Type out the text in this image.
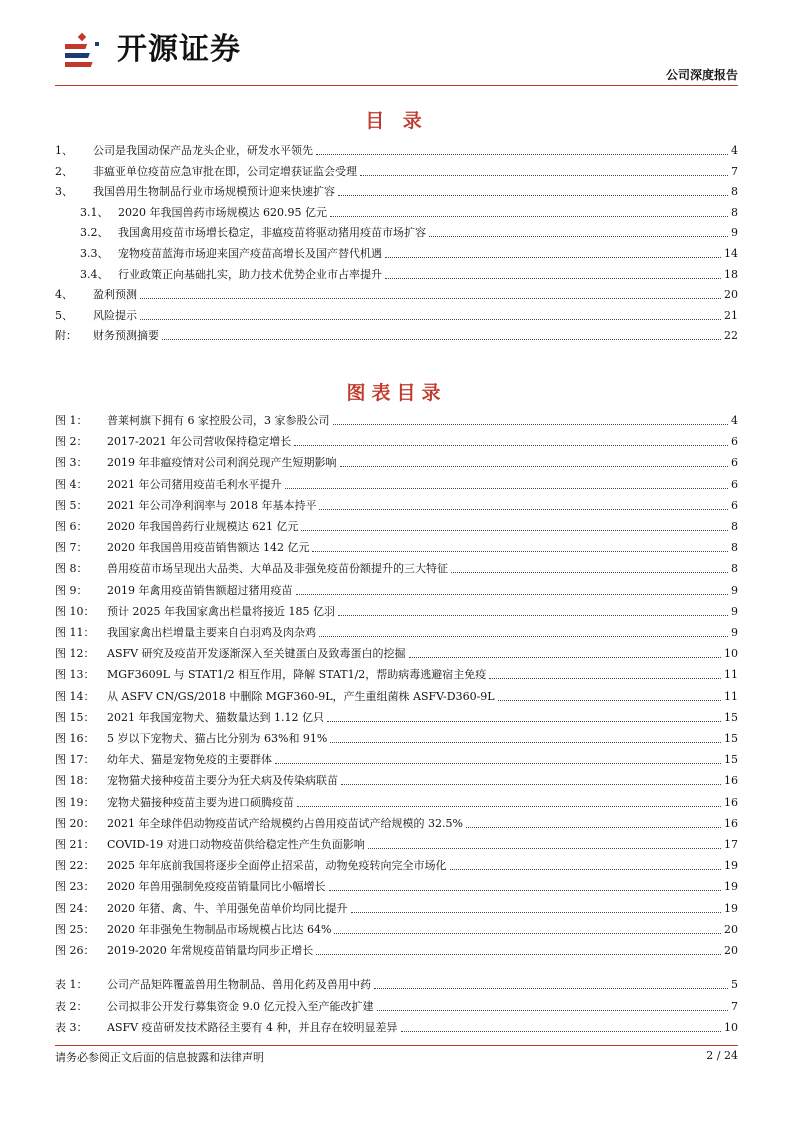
开源证券
公司深度报告
目 录
1、	公司是我国动保产品龙头企业，研发水平领先	4
2、	非瘟亚单位疫苗应急审批在即，公司定增获证监会受理	7
3、	我国兽用生物制品行业市场规模预计迎来快速扩容	8
3.1、 2020 年我国兽药市场规模达 620.95 亿元	8
3.2、 我国禽用疫苗市场增长稳定，非瘟疫苗将驱动猪用疫苗市场扩容	9
3.3、 宠物疫苗蓝海市场迎来国产疫苗高增长及国产替代机遇	14
3.4、 行业政策正向基础扎实，助力技术优势企业市占率提升	18
4、	盈利预测	20
5、	风险提示	21
附：	财务预测摘要	22
图表目录
图 1：	普莱柯旗下拥有 6 家控股公司，3 家参股公司	4
图 2：	2017-2021 年公司营收保持稳定增长	6
图 3：	2019 年非瘟疫情对公司利润兑现产生短期影响	6
图 4：	2021 年公司猪用疫苗毛利水平提升	6
图 5：	2021 年公司净利润率与 2018 年基本持平	6
图 6：	2020 年我国兽药行业规模达 621 亿元	8
图 7：	2020 年我国兽用疫苗销售额达 142 亿元	8
图 8：	兽用疫苗市场呈现出大品类、大单品及非强免疫苗份额提升的三大特征	8
图 9：	2019 年禽用疫苗销售额超过猪用疫苗	9
图 10：	预计 2025 年我国家禽出栏量将接近 185 亿羽	9
图 11：	我国家禽出栏增量主要来自白羽鸡及肉杂鸡	9
图 12：	ASFV 研究及疫苗开发逐渐深入至关键蛋白及致毒蛋白的挖掘	10
图 13：	MGF3609L 与 STAT1/2 相互作用，降解 STAT1/2，帮助病毒逃避宿主免疫	11
图 14：	从 ASFV CN/GS/2018 中删除 MGF360-9L，产生重组菌株 ASFV-D360-9L	11
图 15：	2021 年我国宠物犬、猫数量达到 1.12 亿只	15
图 16：	5 岁以下宠物犬、猫占比分别为 63%和 91%	15
图 17：	幼年犬、猫是宠物免疫的主要群体	15
图 18：	宠物猫犬接种疫苗主要分为狂犬病及传染病联苗	16
图 19：	宠物犬猫接种疫苗主要为进口硕腾疫苗	16
图 20：	2021 年全球伴侣动物疫苗试产给规模约占兽用疫苗试产给规模的 32.5%	16
图 21：	COVID-19 对进口动物疫苗供给稳定性产生负面影响	17
图 22：	2025 年年底前我国将逐步全面停止招采苗，动物免疫转向完全市场化	19
图 23：	2020 年兽用强制免疫疫苗销量同比小幅增长	19
图 24：	2020 年猪、禽、牛、羊用强免苗单价均同比提升	19
图 25：	2020 年非强免生物制品市场规模占比达 64%	20
图 26：	2019-2020 年常规疫苗销量均同步正增长	20
表 1：	公司产品矩阵覆盖兽用生物制品、兽用化药及兽用中药	5
表 2：	公司拟非公开发行募集资金 9.0 亿元投入至产能改扩建	7
表 3：	ASFV 疫苗研发技术路径主要有 4 种，并且存在较明显差异	10
请务必参阅正文后面的信息披露和法律声明	2 / 24
